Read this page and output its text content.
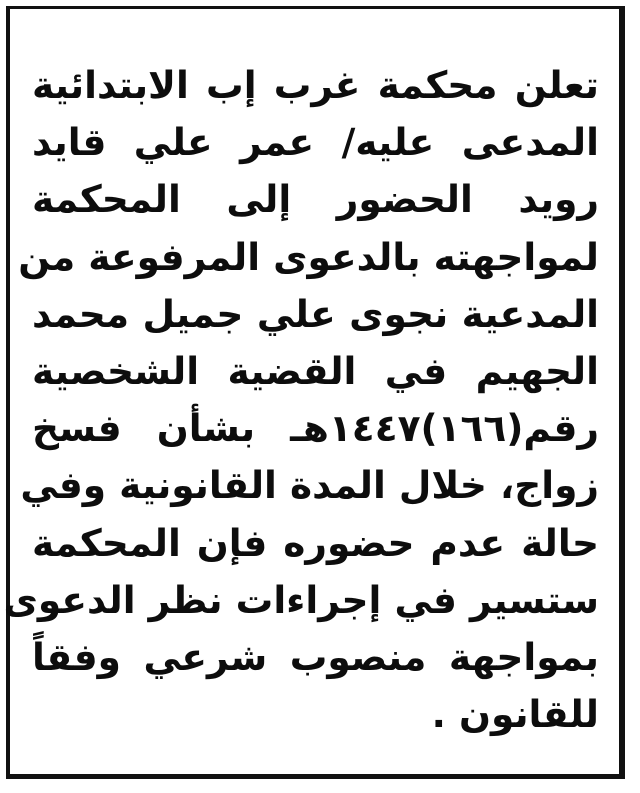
تعلن محكمة غرب إب الابتدائية
المدعى عليه/ عمر علي قايد
رويد الحضور إلى المحكمة
لمواجهته بالدعوى المرفوعة من
المدعية نجوى علي جميل محمد
الجهيم في القضية الشخصية
رقم(١٦٦)١٤٤٧هـ بشأن فسخ
زواج، خلال المدة القانونية وفي
حالة عدم حضوره فإن المحكمة
ستسير في إجراءات نظر الدعوى
بمواجهة منصوب شرعي وفقاً
للقانون .
